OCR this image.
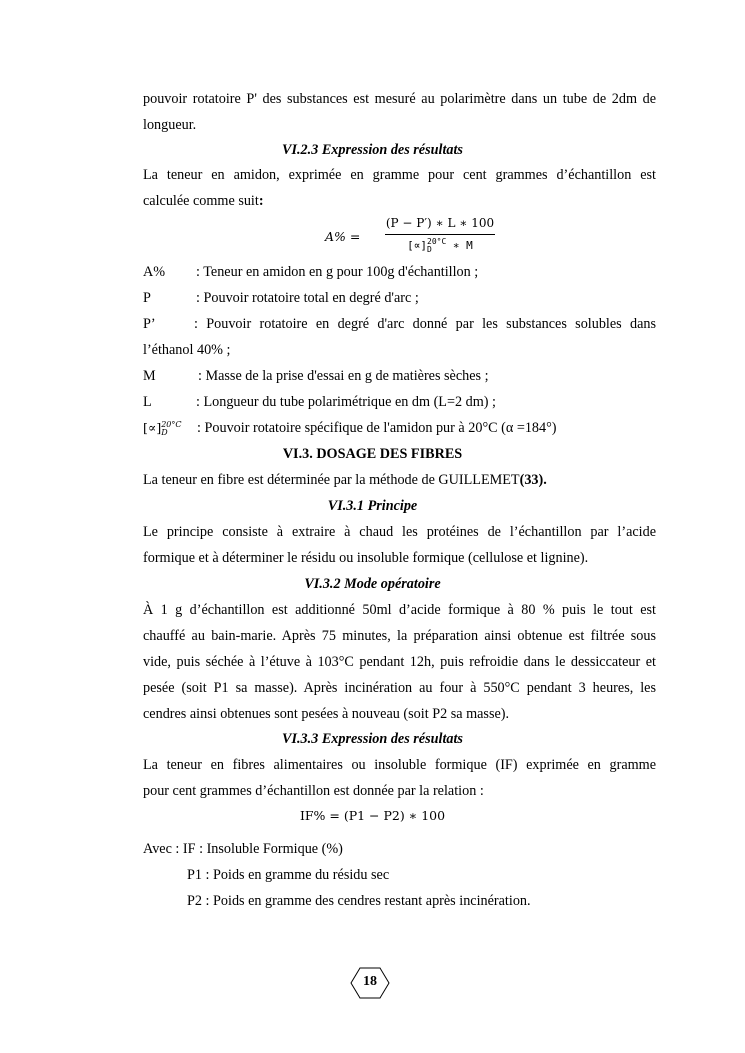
pouvoir rotatoire P' des substances est mesuré au polarimètre dans un tube de 2dm de
longueur.
VI.2.3 Expression des résultats
La teneur en amidon, exprimée en gramme pour cent grammes d’échantillon est
calculée comme suit:
A% =
(P − P′) ∗ L ∗ 100
[∝] 20°C
D	∗ M
A% : Teneur en amidon en g pour 100g d'échantillon ;
P	: Pouvoir rotatoire total en degré d'arc ;
P’	: Pouvoir rotatoire en degré d'arc donné par les substances solubles dans
l’éthanol 40% ;
M	: Masse de la prise d'essai en g de matières sèches ;
L	: Longueur du tube polarimétrique en dm (L=2 dm) ;
[∝] 20°C
D	: Pouvoir rotatoire spécifique de l'amidon pur à 20°C (α =184°)
VI.3. DOSAGE DES FIBRES
La teneur en fibre est déterminée par la méthode de GUILLEMET(33).
VI.3.1 Principe
Le principe consiste à extraire à chaud les protéines de l’échantillon par l’acide
formique et à déterminer le résidu ou insoluble formique (cellulose et lignine).
VI.3.2 Mode opératoire
À 1 g d’échantillon est additionné 50ml d’acide formique à 80 % puis le tout est
chauffé au bain-marie. Après 75 minutes, la préparation ainsi obtenue est filtrée sous
vide, puis séchée à l’étuve à 103°C pendant 12h, puis refroidie dans le dessiccateur et
pesée (soit P1 sa masse). Après incinération au four à 550°C pendant 3 heures, les
cendres ainsi obtenues sont pesées à nouveau (soit P2 sa masse).
VI.3.3 Expression des résultats
La teneur en fibres alimentaires ou insoluble formique (IF) exprimée en gramme
pour cent grammes d’échantillon est donnée par la relation :
IF% = (P1 − P2) ∗ 100
Avec : IF : Insoluble Formique (%)
P1 : Poids en gramme du résidu sec
P2 : Poids en gramme des cendres restant après incinération.
18
